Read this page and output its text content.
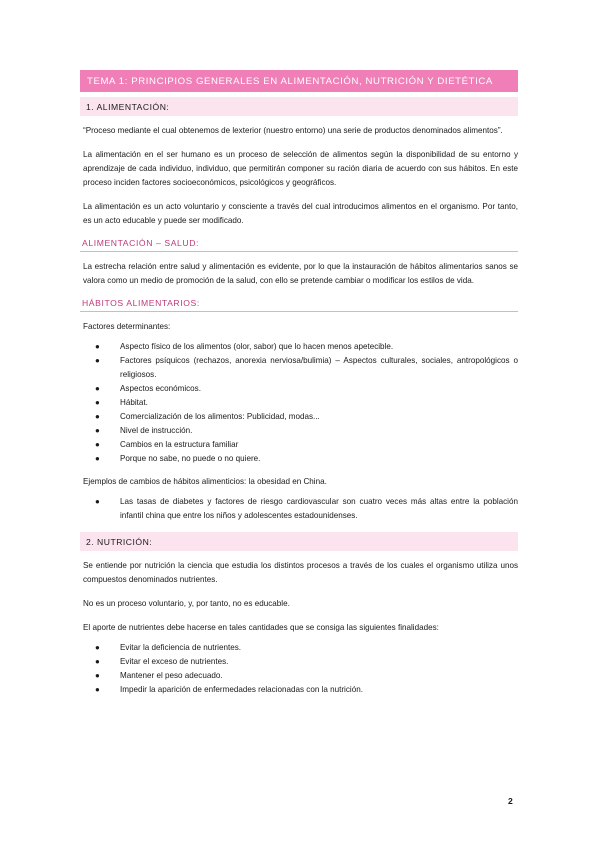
TEMA 1: PRINCIPIOS GENERALES EN ALIMENTACIÓN, NUTRICIÓN Y DIETÉTICA
1. ALIMENTACIÓN:

“Proceso mediante el cual obtenemos de lexterior (nuestro entorno) una serie de productos denominados alimentos”.

La alimentación en el ser humano es un proceso de selección de alimentos según la disponibilidad de su entorno y aprendizaje de cada individuo, individuo, que permitirán componer su ración diaria de acuerdo con sus hábitos. En este proceso inciden factores socioeconómicos, psicológicos y geográficos.

La alimentación es un acto voluntario y consciente a través del cual introducimos alimentos en el organismo. Por tanto, es un acto educable y puede ser modificado.

ALIMENTACIÓN – SALUD:

La estrecha relación entre salud y alimentación es evidente, por lo que la instauración de hábitos alimentarios sanos se valora como un medio de promoción de la salud, con ello se pretende cambiar o modificar los estilos de vida.

HÁBITOS ALIMENTARIOS:

Factores determinantes:

● Aspecto físico de los alimentos (olor, sabor) que lo hacen menos apetecible.
● Factores psíquicos (rechazos, anorexia nerviosa/bulimia) – Aspectos culturales, sociales, antropológicos o religiosos.
● Aspectos económicos.
● Hábitat.
● Comercialización de los alimentos: Publicidad, modas...
● Nivel de instrucción.
● Cambios en la estructura familiar
● Porque no sabe, no puede o no quiere.

Ejemplos de cambios de hábitos alimenticios: la obesidad en China.

● Las tasas de diabetes y factores de riesgo cardiovascular son cuatro veces más altas entre la población infantil china que entre los niños y adolescentes estadounidenses.
2. NUTRICIÓN:

Se entiende por nutrición la ciencia que estudia los distintos procesos a través de los cuales el organismo utiliza unos compuestos denominados nutrientes.

No es un proceso voluntario, y, por tanto, no es educable.

El aporte de nutrientes debe hacerse en tales cantidades que se consiga las siguientes finalidades:

● Evitar la deficiencia de nutrientes.
● Evitar el exceso de nutrientes.
● Mantener el peso adecuado.
● Impedir la aparición de enfermedades relacionadas con la nutrición.
2
